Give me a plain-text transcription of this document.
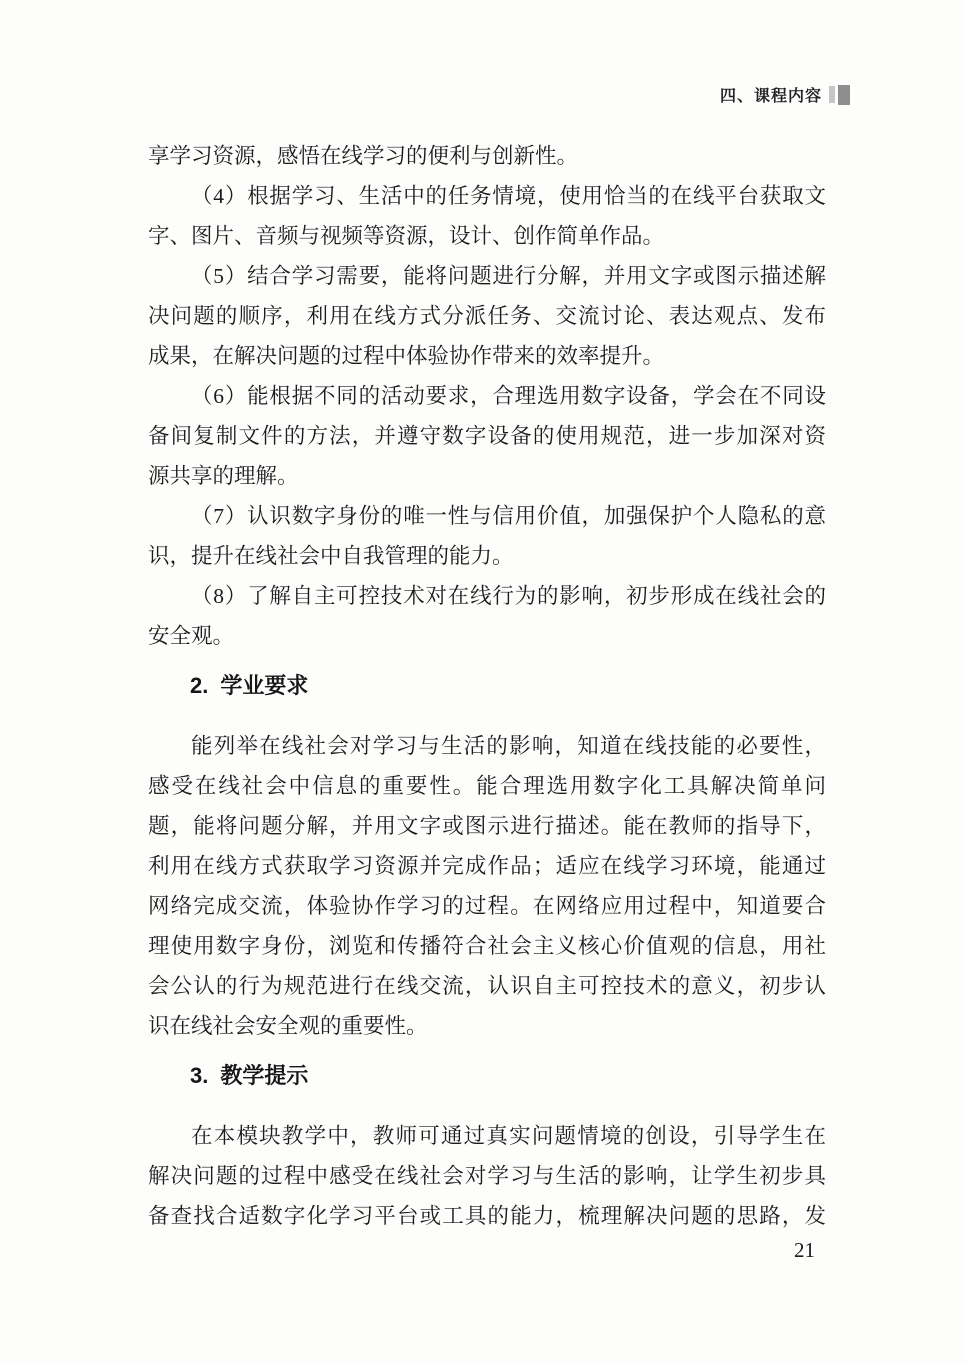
四、课程内容
享学习资源，感悟在线学习的便利与创新性。
（4）根据学习、生活中的任务情境，使用恰当的在线平台获取文
字、图片、音频与视频等资源，设计、创作简单作品。
（5）结合学习需要，能将问题进行分解，并用文字或图示描述解
决问题的顺序，利用在线方式分派任务、交流讨论、表达观点、发布
成果，在解决问题的过程中体验协作带来的效率提升。
（6）能根据不同的活动要求，合理选用数字设备，学会在不同设
备间复制文件的方法，并遵守数字设备的使用规范，进一步加深对资
源共享的理解。
（7）认识数字身份的唯一性与信用价值，加强保护个人隐私的意
识，提升在线社会中自我管理的能力。
（8）了解自主可控技术对在线行为的影响，初步形成在线社会的
安全观。
2. 学业要求
能列举在线社会对学习与生活的影响，知道在线技能的必要性，
感受在线社会中信息的重要性。能合理选用数字化工具解决简单问
题，能将问题分解，并用文字或图示进行描述。能在教师的指导下，
利用在线方式获取学习资源并完成作品；适应在线学习环境，能通过
网络完成交流，体验协作学习的过程。在网络应用过程中，知道要合
理使用数字身份，浏览和传播符合社会主义核心价值观的信息，用社
会公认的行为规范进行在线交流，认识自主可控技术的意义，初步认
识在线社会安全观的重要性。
3. 教学提示
在本模块教学中，教师可通过真实问题情境的创设，引导学生在
解决问题的过程中感受在线社会对学习与生活的影响，让学生初步具
备查找合适数字化学习平台或工具的能力，梳理解决问题的思路，发
21
